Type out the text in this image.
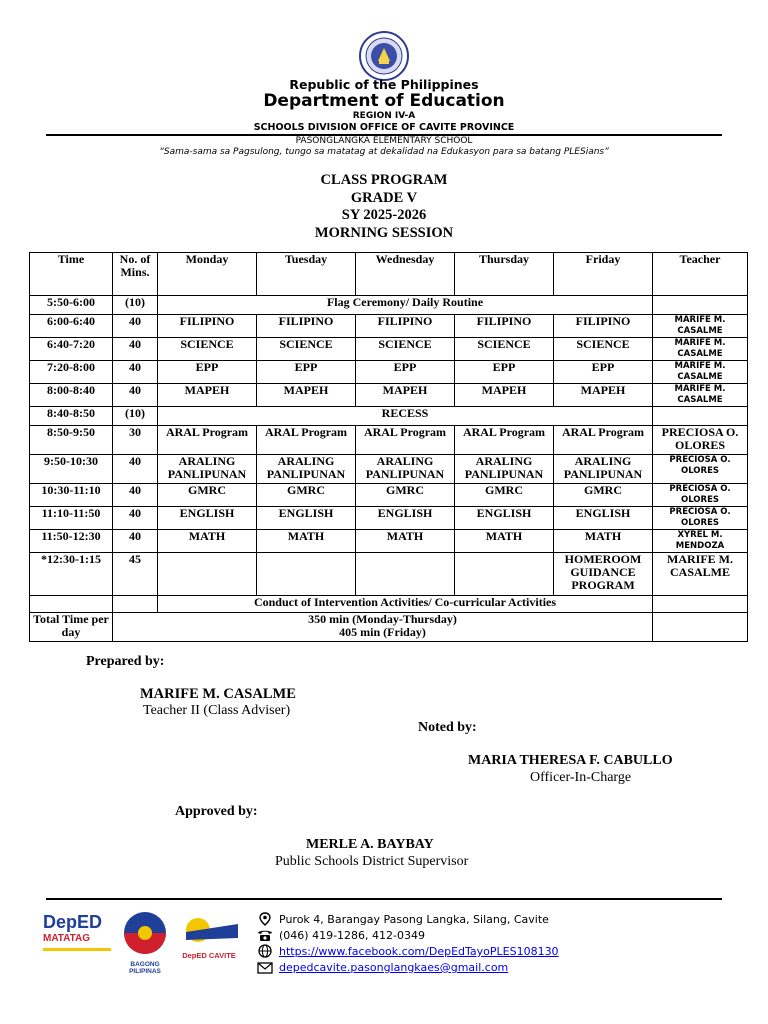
Republic of the Philippines
Department of Education
REGION IV-A
SCHOOLS DIVISION OFFICE OF CAVITE PROVINCE
PASONGLANGKA ELEMENTARY SCHOOL
“Sama-sama sa Pagsulong, tungo sa matatag at dekalidad na Edukasyon para sa batang PLESians”
CLASS PROGRAM
GRADE V
SY 2025-2026
MORNING SESSION
Time	No. of Mins.	Monday	Tuesday	Wednesday	Thursday	Friday	Teacher
5:50-6:00	(10)	Flag Ceremony/ Daily Routine					
6:00-6:40	40	FILIPINO	FILIPINO	FILIPINO	FILIPINO	FILIPINO	MARIFE M. CASALME
6:40-7:20	40	SCIENCE	SCIENCE	SCIENCE	SCIENCE	SCIENCE	MARIFE M. CASALME
7:20-8:00	40	EPP	EPP	EPP	EPP	EPP	MARIFE M. CASALME
8:00-8:40	40	MAPEH	MAPEH	MAPEH	MAPEH	MAPEH	MARIFE M. CASALME
8:40-8:50	(10)	RECESS					
8:50-9:50	30	ARAL Program	ARAL Program	ARAL Program	ARAL Program	ARAL Program	PRECIOSA O. OLORES
9:50-10:30	40	ARALING PANLIPUNAN	ARALING PANLIPUNAN	ARALING PANLIPUNAN	ARALING PANLIPUNAN	ARALING PANLIPUNAN	PRECIOSA O. OLORES
10:30-11:10	40	GMRC	GMRC	GMRC	GMRC	GMRC	PRECIOSA O. OLORES
11:10-11:50	40	ENGLISH	ENGLISH	ENGLISH	ENGLISH	ENGLISH	PRECIOSA O. OLORES
11:50-12:30	40	MATH	MATH	MATH	MATH	MATH	XYREL M. MENDOZA
*12:30-1:15	45					HOMEROOM GUIDANCE PROGRAM	MARIFE M. CASALME
		Conduct of Intervention Activities/ Co-curricular Activities					
Total Time per day	350 min (Monday-Thursday)
405 min (Friday)						

Prepared by:
MARIFE M. CASALME
Teacher II (Class Adviser)
Noted by:
MARIA THERESA F. CABULLO
Officer-In-Charge
Approved by:
MERLE A. BAYBAY
Public Schools District Supervisor
DepED
MATATAG
BAGONG PILIPINAS
DepED CAVITE
Purok 4, Barangay Pasong Langka, Silang, Cavite
(046) 419-1286, 412-0349
https://www.facebook.com/DepEdTayoPLES108130
depedcavite.pasonglangkaes@gmail.com
